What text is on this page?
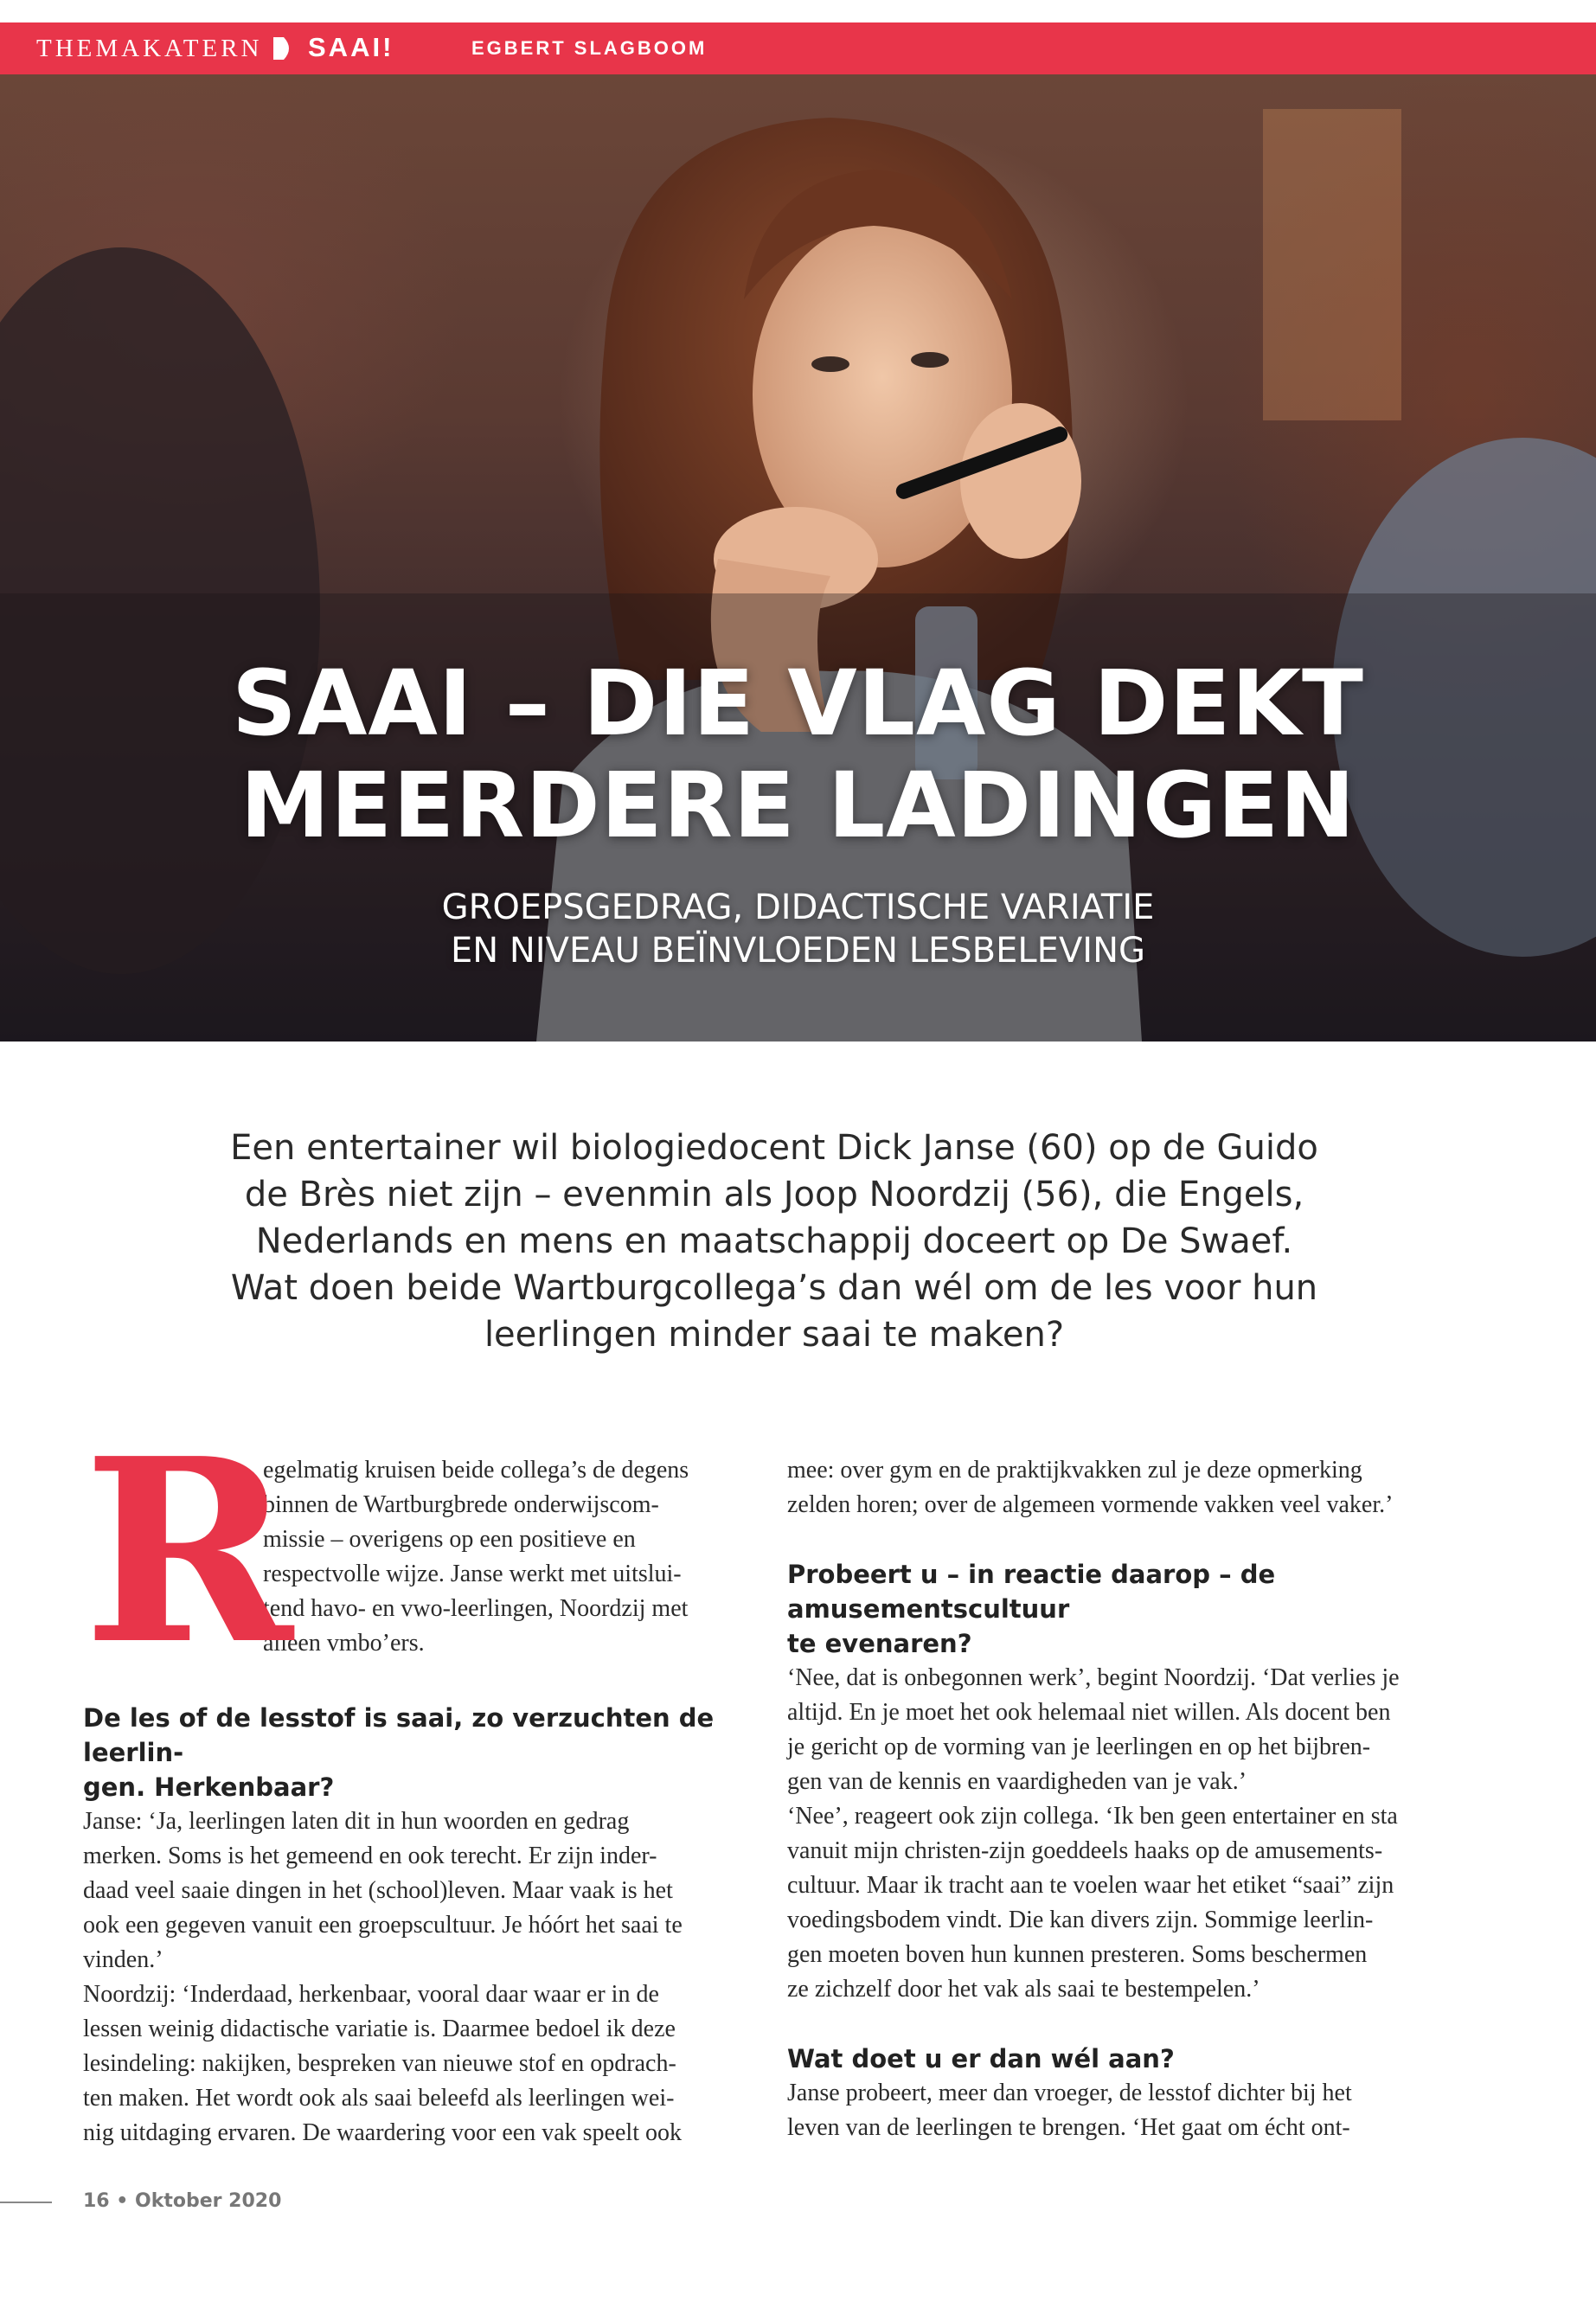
THEMAKATERN SAAI!	EGBERT SLAGBOOM
SAAI – DIE VLAG DEKT
MEERDERE LADINGEN
GROEPSGEDRAG, DIDACTISCHE VARIATIE
EN NIVEAU BEÏNVLOEDEN LESBELEVING
Een entertainer wil biologiedocent Dick Janse (60) op de Guido
de Brès niet zijn – evenmin als Joop Noordzij (56), die Engels,
Nederlands en mens en maatschappij doceert op De Swaef.
Wat doen beide Wartburgcollega’s dan wél om de les voor hun
leerlingen minder saai te maken?
R

egelmatig kruisen beide collega’s de degens
binnen de Wartburgbrede onderwijscom-
missie – overigens op een positieve en
respectvolle wijze. Janse werkt met uitslui-
tend havo- en vwo-leerlingen, Noordzij met
alleen vmbo’ers.

De les of de lesstof is saai, zo verzuchten de leerlin-
gen. Herkenbaar?

Janse: ‘Ja, leerlingen laten dit in hun woorden en gedrag
merken. Soms is het gemeend en ook terecht. Er zijn inder-
daad veel saaie dingen in het (school)leven. Maar vaak is het
ook een gegeven vanuit een groepscultuur. Je hóórt het saai te
vinden.’
Noordzij: ‘Inderdaad, herkenbaar, vooral daar waar er in de
lessen weinig didactische variatie is. Daarmee bedoel ik deze
lesindeling: nakijken, bespreken van nieuwe stof en opdrach-
ten maken. Het wordt ook als saai beleefd als leerlingen wei-
nig uitdaging ervaren. De waardering voor een vak speelt ook

mee: over gym en de praktijkvakken zul je deze opmerking
zelden horen; over de algemeen vormende vakken veel vaker.’

Probeert u – in reactie daarop – de amusementscultuur
te evenaren?

‘Nee, dat is onbegonnen werk’, begint Noordzij. ‘Dat verlies je
altijd. En je moet het ook helemaal niet willen. Als docent ben
je gericht op de vorming van je leerlingen en op het bijbren-
gen van de kennis en vaardigheden van je vak.’
‘Nee’, reageert ook zijn collega. ‘Ik ben geen entertainer en sta
vanuit mijn christen-zijn goeddeels haaks op de amusements-
cultuur. Maar ik tracht aan te voelen waar het etiket “saai” zijn
voedingsbodem vindt. Die kan divers zijn. Sommige leerlin-
gen moeten boven hun kunnen presteren. Soms beschermen
ze zichzelf door het vak als saai te bestempelen.’

Wat doet u er dan wél aan?

Janse probeert, meer dan vroeger, de lesstof dichter bij het
leven van de leerlingen te brengen. ‘Het gaat om écht ont-

16 • Oktober 2020
